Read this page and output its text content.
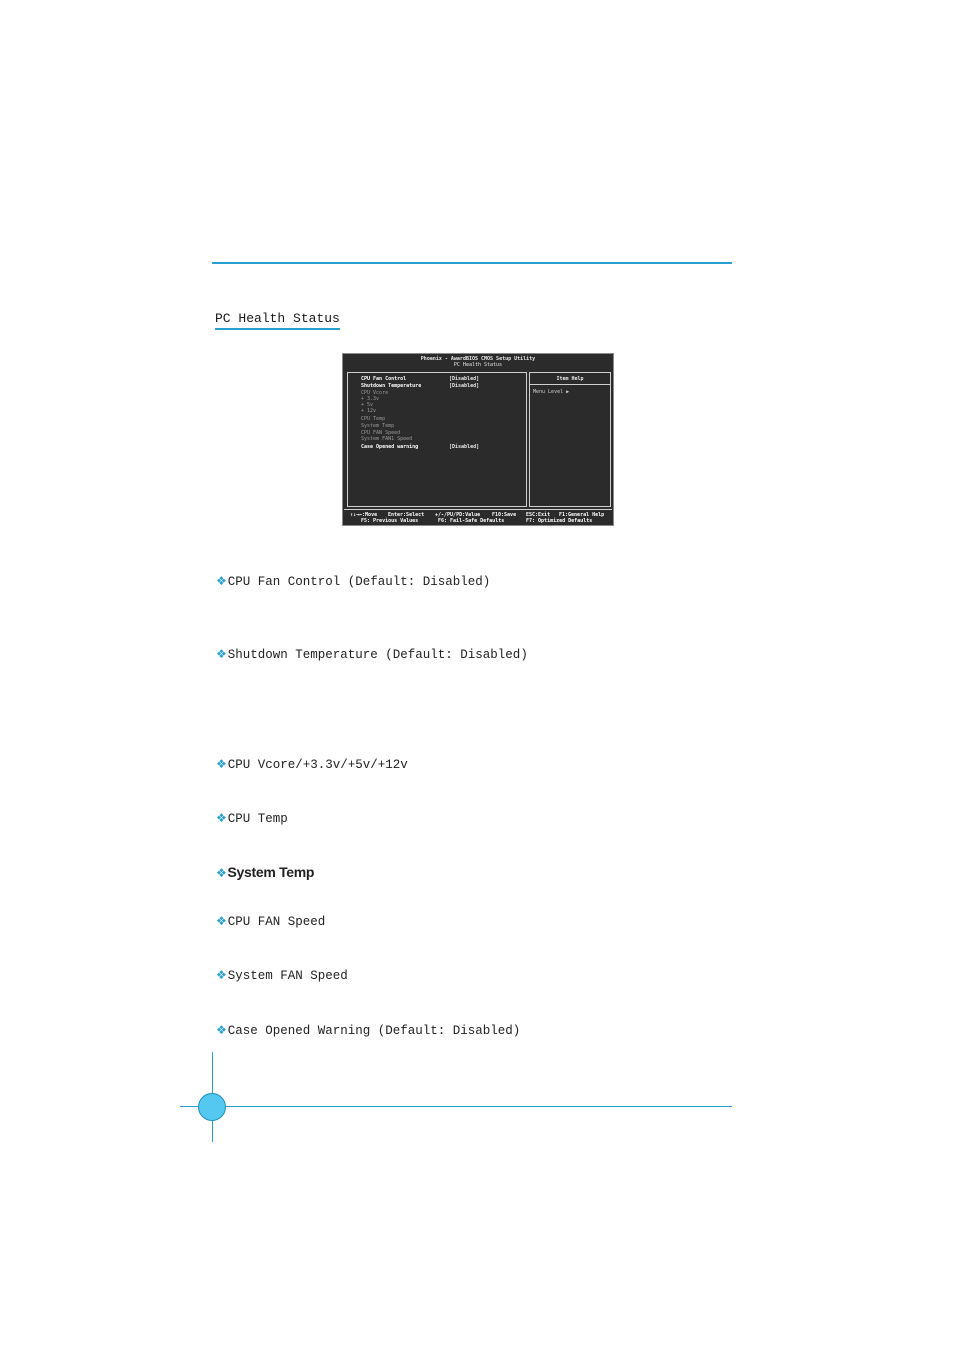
PC Health Status
Phoenix - AwardBIOS CMOS Setup Utility
PC Health Status
CPU Fan Control	[Disabled]
Shutdown Temperature	[Disabled]
CPU Vcore
+ 3.3v
+ 5v
+ 12v
CPU Temp
System Temp
CPU FAN Speed
System FAN1 Speed
Case Opened warning	[Disabled]
Item Help
Menu Level ▶
↑↓→←:Move Enter:Select +/-/PU/PD:Value F10:Save ESC:Exit F1:General Help
F5: Previous Values	F6: Fail-Safe Defaults	F7: Optimized Defaults
❖CPU Fan Control (Default: Disabled)
❖Shutdown Temperature (Default: Disabled)
❖CPU Vcore/+3.3v/+5v/+12v
❖CPU Temp
❖System Temp
❖CPU FAN Speed
❖System FAN Speed
❖Case Opened Warning (Default: Disabled)
